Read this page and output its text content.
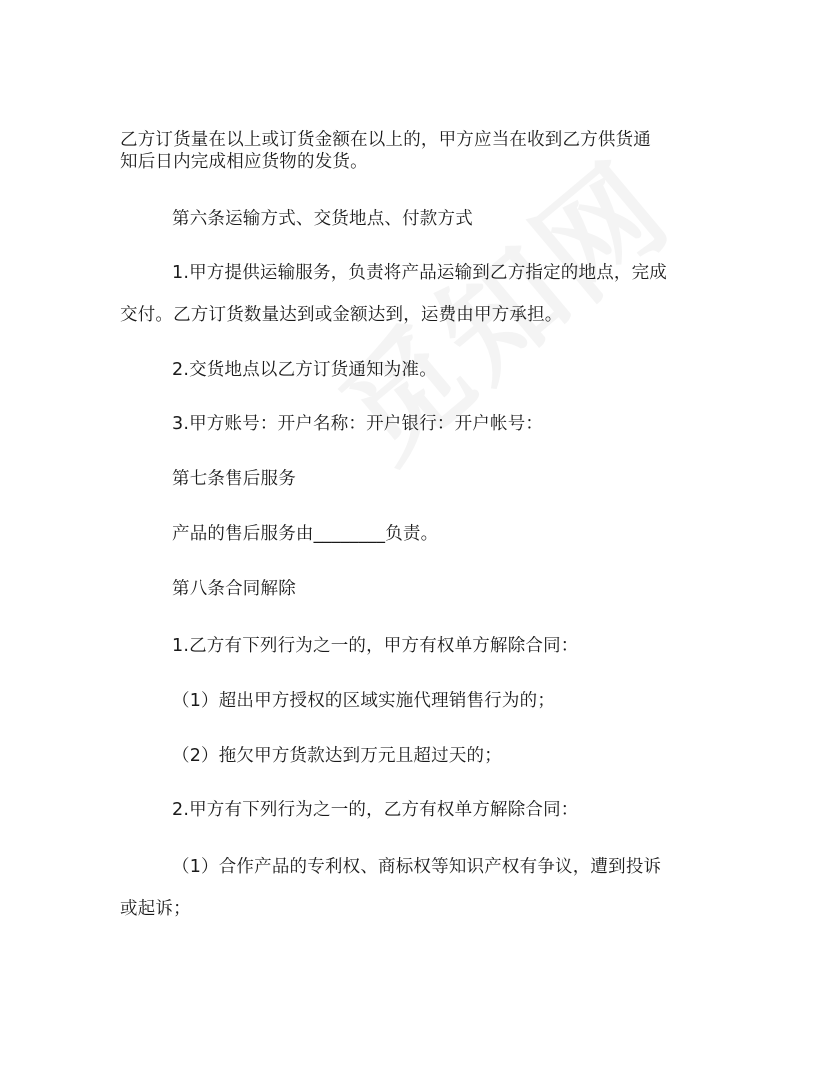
乙方订货量在以上或订货金额在以上的，甲方应当在收到乙方供货通
知后日内完成相应货物的发货。
第六条运输方式、交货地点、付款方式
1.甲方提供运输服务，负责将产品运输到乙方指定的地点，完成
交付。乙方订货数量达到或金额达到，运费由甲方承担。
2.交货地点以乙方订货通知为准。
3.甲方账号：开户名称：开户银行：开户帐号：
第七条售后服务
产品的售后服务由________负责。
第八条合同解除
1.乙方有下列行为之一的，甲方有权单方解除合同：
（1）超出甲方授权的区域实施代理销售行为的；
（2）拖欠甲方货款达到万元且超过天的；
2.甲方有下列行为之一的，乙方有权单方解除合同：
（1）合作产品的专利权、商标权等知识产权有争议，遭到投诉
或起诉；
